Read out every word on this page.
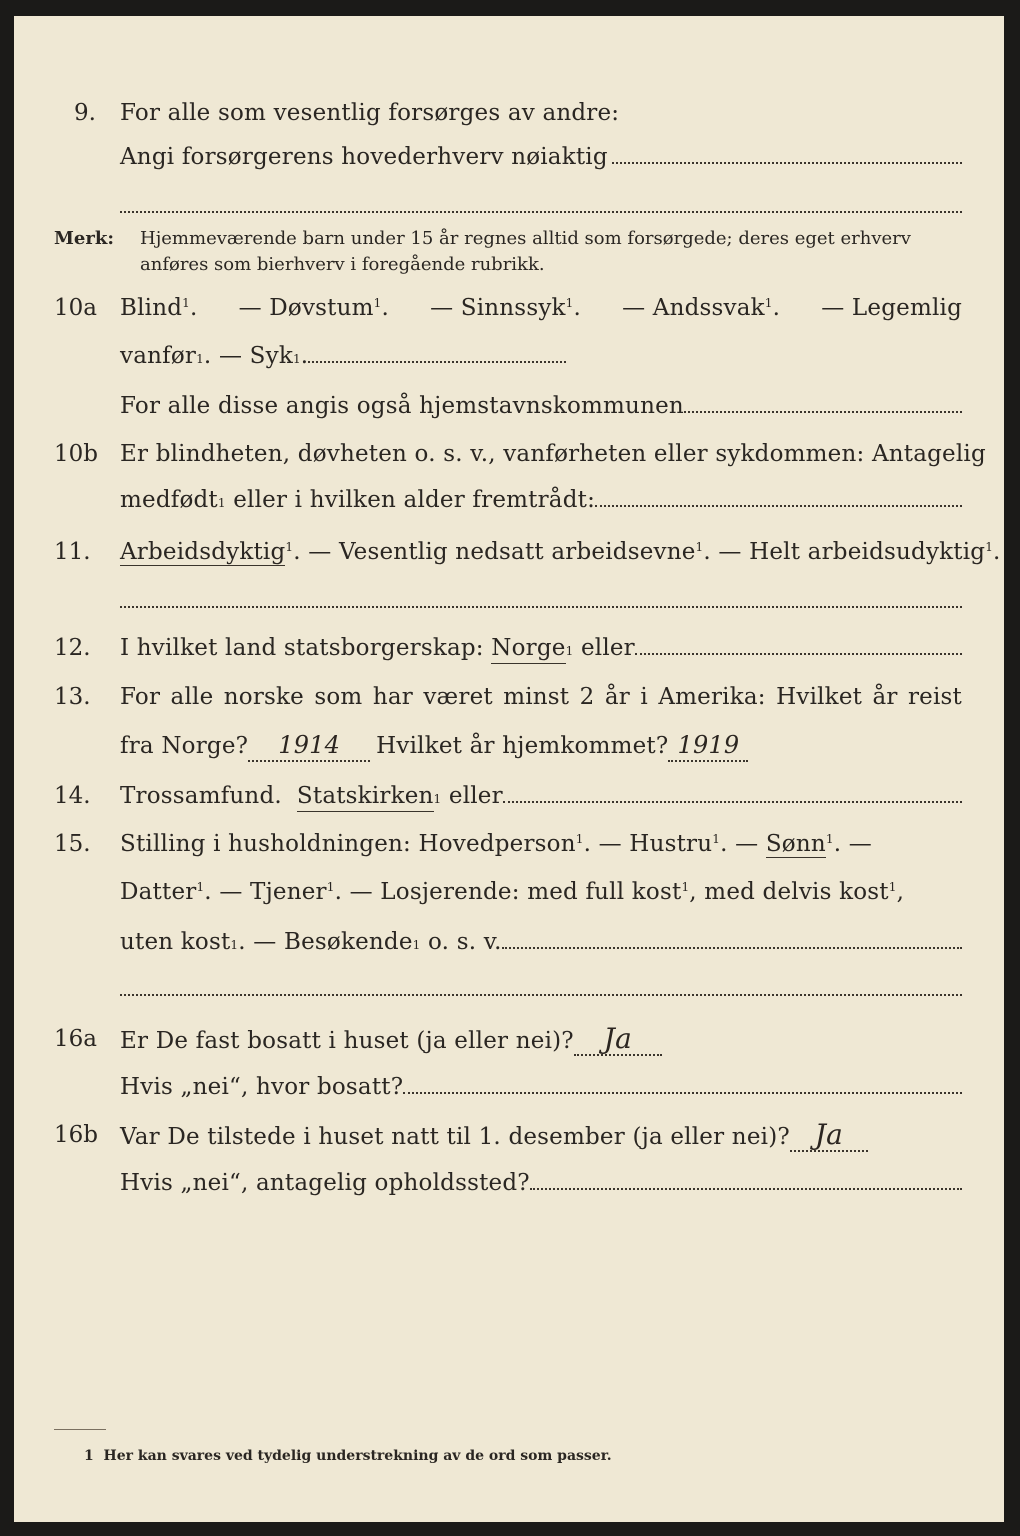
9. For alle som vesentlig forsørges av andre:
Angi forsørgerens hovederhverv nøiaktig
Merk: Hjemmeværende barn under 15 år regnes alltid som forsørgede; deres eget erhverv
anføres som bierhverv i foregående rubrikk.
10a Blind$^1$. — Døvstum$^1$. — Sinnssyk$^1$. — Andssvak$^1$. — Legemlig
vanfør 1 . — Syk 1 .
For alle disse angis også hjemstavnskommunen
10b Er blindheten, døvheten o. s. v., vanførheten eller sykdommen: Antagelig
medfødt 1 eller i hvilken alder fremtrådt:
11. Arbeidsdyktig$^1$. — Vesentlig nedsatt arbeidsevne$^1$. — Helt arbeidsudyktig$^1$.
12. I hvilket land statsborgerskap:
Norge 1 eller
13. For alle norske som har været minst 2 år i Amerika: Hvilket år reist
fra Norge?	1914	Hvilket år hjemkommet? 1919
14. Trossamfund.
Statskirken 1 eller
15. Stilling i husholdningen: Hovedperson$^1$. — Hustru$^1$. — Sønn$^1$. —
Datter$^1$. — Tjener$^1$. — Losjerende: med full kost$^1$, med delvis kost$^1$,
uten kost 1 . — Besøkende 1 o. s. v.
16a Er De fast bosatt i huset (ja eller nei)?	Ja
Hvis „nei“, hvor bosatt?
16b Var De tilstede i huset natt til 1. desember (ja eller nei)? Ja
Hvis „nei“, antagelig opholdssted?
1 Her kan svares ved tydelig understrekning av de ord som passer.
